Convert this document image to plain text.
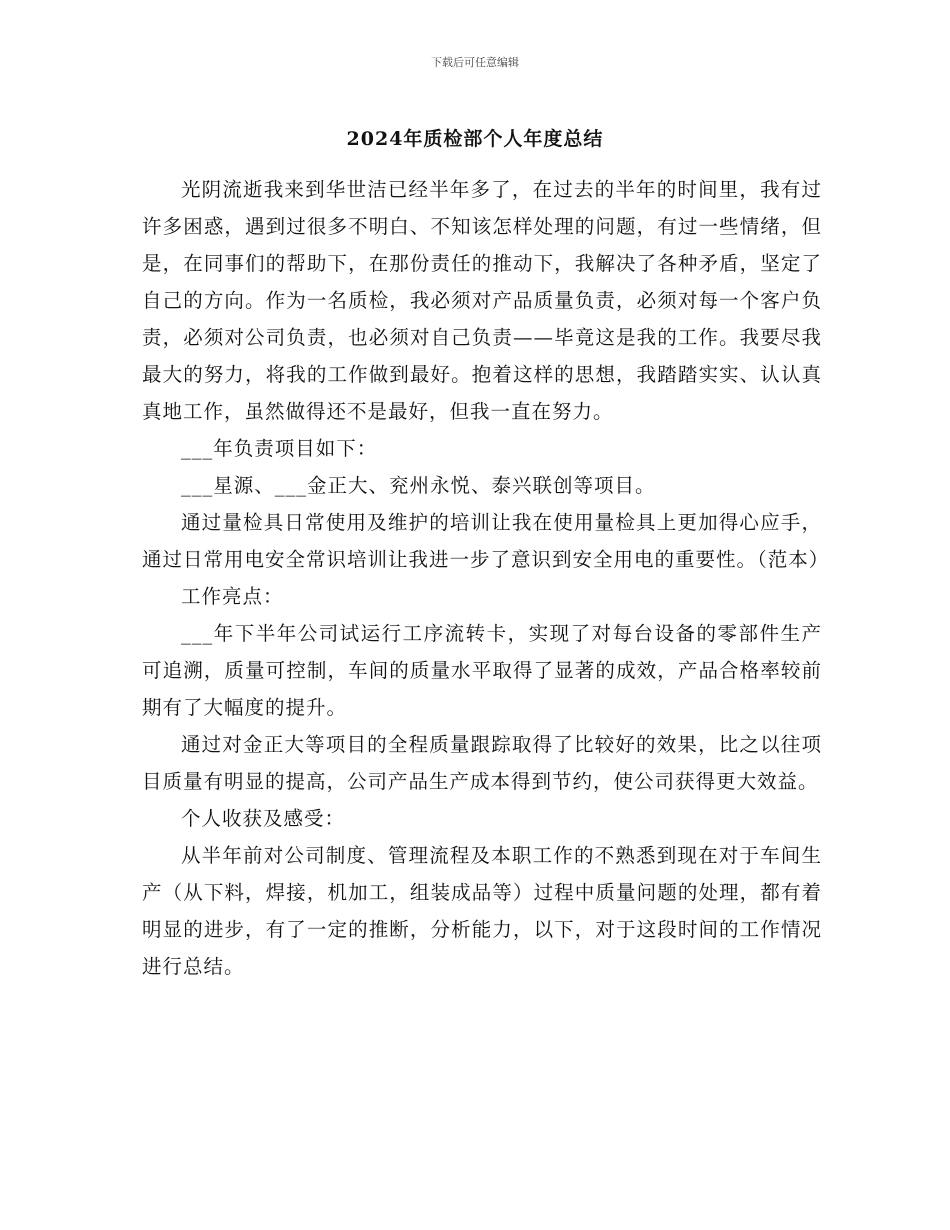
下载后可任意编辑
2024年质检部个人年度总结

光阴流逝我来到华世洁已经半年多了，在过去的半年的时间里，我有过许多困惑，遇到过很多不明白、不知该怎样处理的问题，有过一些情绪，但是，在同事们的帮助下，在那份责任的推动下，我解决了各种矛盾，坚定了自己的方向。作为一名质检，我必须对产品质量负责，必须对每一个客户负责，必须对公司负责，也必须对自己负责——毕竟这是我的工作。我要尽我最大的努力，将我的工作做到最好。抱着这样的思想，我踏踏实实、认认真真地工作，虽然做得还不是最好，但我一直在努力。

___年负责项目如下：

___星源、___金正大、兖州永悦、泰兴联创等项目。

通过量检具日常使用及维护的培训让我在使用量检具上更加得心应手，通过日常用电安全常识培训让我进一步了意识到安全用电的重要性。（范本）

工作亮点：

___年下半年公司试运行工序流转卡，实现了对每台设备的零部件生产可追溯，质量可控制，车间的质量水平取得了显著的成效，产品合格率较前期有了大幅度的提升。

通过对金正大等项目的全程质量跟踪取得了比较好的效果，比之以往项目质量有明显的提高，公司产品生产成本得到节约，使公司获得更大效益。

个人收获及感受：

从半年前对公司制度、管理流程及本职工作的不熟悉到现在对于车间生产（从下料，焊接，机加工，组装成品等）过程中质量问题的处理，都有着明显的进步，有了一定的推断，分析能力，以下，对于这段时间的工作情况进行总结。
